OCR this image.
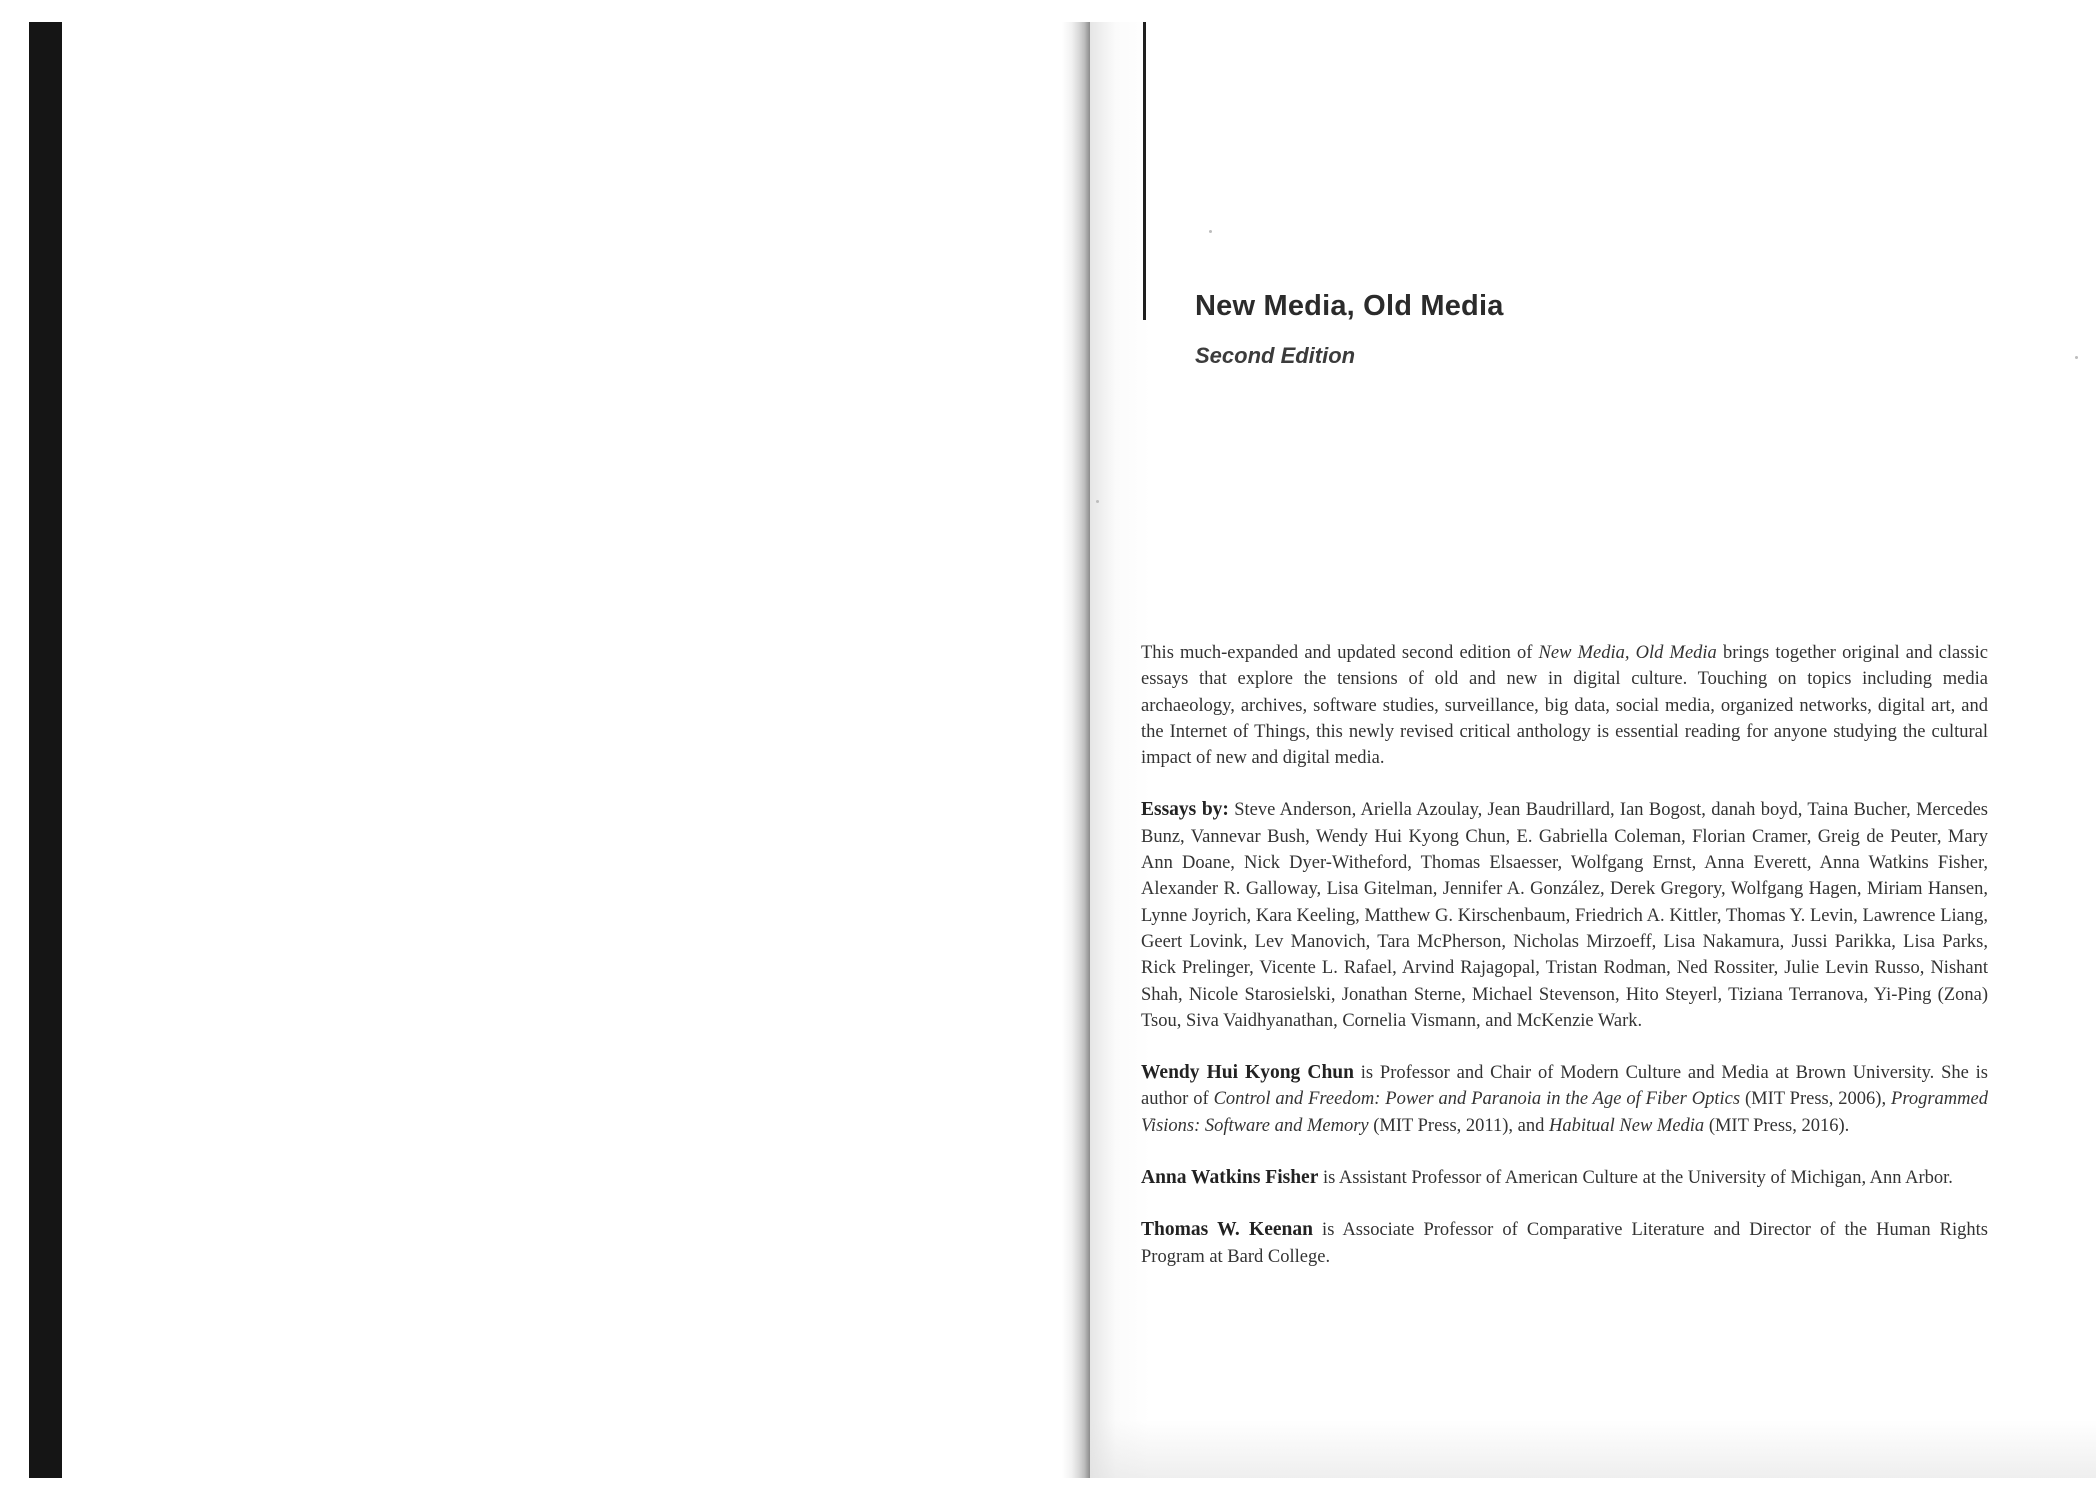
New Media, Old Media
Second Edition

This much-expanded and updated second edition of New Media, Old Media brings together original and classic essays that explore the tensions of old and new in digital culture. Touching on topics including media archaeology, archives, software studies, surveillance, big data, social media, organized networks, digital art, and the Internet of Things, this newly revised critical anthology is essential reading for anyone studying the cultural impact of new and digital media.

Essays by: Steve Anderson, Ariella Azoulay, Jean Baudrillard, Ian Bogost, danah boyd, Taina Bucher, Mercedes Bunz, Vannevar Bush, Wendy Hui Kyong Chun, E. Gabriella Coleman, Florian Cramer, Greig de Peuter, Mary Ann Doane, Nick Dyer-Witheford, Thomas Elsaesser, Wolfgang Ernst, Anna Everett, Anna Watkins Fisher, Alexander R. Galloway, Lisa Gitelman, Jennifer A. González, Derek Gregory, Wolfgang Hagen, Miriam Hansen, Lynne Joyrich, Kara Keeling, Matthew G. Kirschenbaum, Friedrich A. Kittler, Thomas Y. Levin, Lawrence Liang, Geert Lovink, Lev Manovich, Tara McPherson, Nicholas Mirzoeff, Lisa Nakamura, Jussi Parikka, Lisa Parks, Rick Prelinger, Vicente L. Rafael, Arvind Rajagopal, Tristan Rodman, Ned Rossiter, Julie Levin Russo, Nishant Shah, Nicole Starosielski, Jonathan Sterne, Michael Stevenson, Hito Steyerl, Tiziana Terranova, Yi-Ping (Zona) Tsou, Siva Vaidhyanathan, Cornelia Vismann, and McKenzie Wark.

Wendy Hui Kyong Chun is Professor and Chair of Modern Culture and Media at Brown University. She is author of Control and Freedom: Power and Paranoia in the Age of Fiber Optics (MIT Press, 2006), Programmed Visions: Software and Memory (MIT Press, 2011), and Habitual New Media (MIT Press, 2016).

Anna Watkins Fisher is Assistant Professor of American Culture at the University of Michigan, Ann Arbor.

Thomas W. Keenan is Associate Professor of Comparative Literature and Director of the Human Rights Program at Bard College.
